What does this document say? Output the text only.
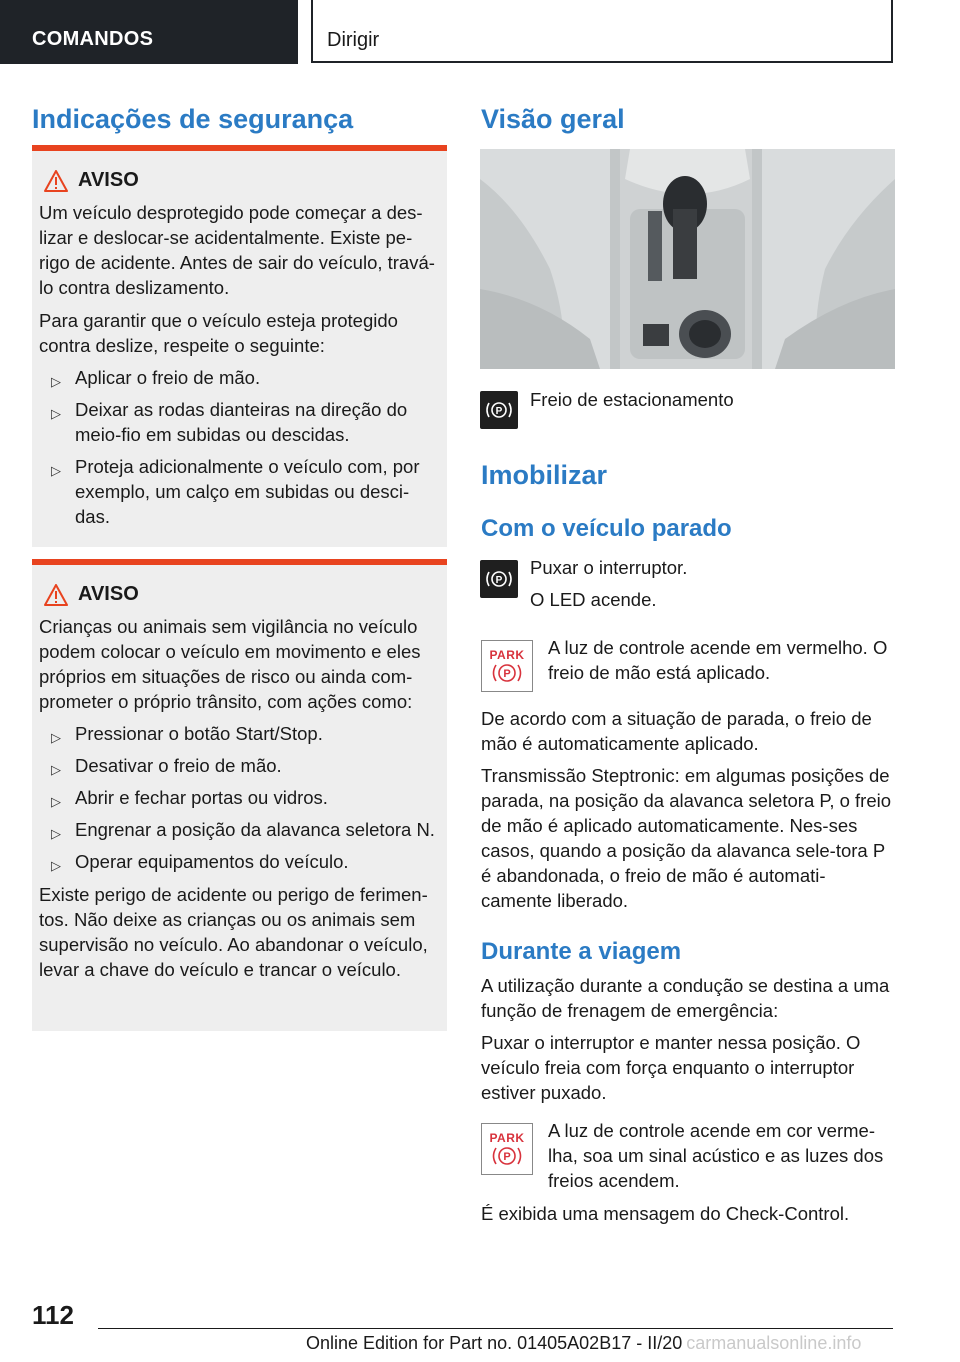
COMANDOS	Dirigir
Indicações de segurança
AVISO

Um veículo desprotegido pode começar a des-lizar e deslocar-se acidentalmente. Existe pe-rigo de acidente. Antes de sair do veículo, travá-lo contra deslizamento.

Para garantir que o veículo esteja protegido contra deslize, respeite o seguinte:

▷ Aplicar o freio de mão.
▷ Deixar as rodas dianteiras na direção do meio-fio em subidas ou descidas.
▷ Proteja adicionalmente o veículo com, por exemplo, um calço em subidas ou desci-das.
AVISO

Crianças ou animais sem vigilância no veículo podem colocar o veículo em movimento e eles próprios em situações de risco ou ainda com-prometer o próprio trânsito, com ações como:

▷ Pressionar o botão Start/Stop.
▷ Desativar o freio de mão.
▷ Abrir e fechar portas ou vidros.
▷ Engrenar a posição da alavanca seletora N.
▷ Operar equipamentos do veículo.

Existe perigo de acidente ou perigo de ferimen-tos. Não deixe as crianças ou os animais sem supervisão no veículo. Ao abandonar o veículo, levar a chave do veículo e trancar o veículo.

Visão geral
P
Freio de estacionamento
Imobilizar
Com o veículo parado
P
Puxar o interruptor.
O LED acende.
PARK
P
A luz de controle acende em vermelho. O freio de mão está aplicado.
De acordo com a situação de parada, o freio de mão é automaticamente aplicado.
Transmissão Steptronic: em algumas posições de parada, na posição da alavanca seletora P, o freio de mão é aplicado automaticamente. Nes-ses casos, quando a posição da alavanca sele-tora P é abandonada, o freio de mão é automati-camente liberado.
Durante a viagem
A utilização durante a condução se destina a uma função de frenagem de emergência:
Puxar o interruptor e manter nessa posição. O veículo freia com força enquanto o interruptor estiver puxado.
PARK
P
A luz de controle acende em cor verme-lha, soa um sinal acústico e as luzes dos freios acendem.
É exibida uma mensagem do Check-Control.
112
Online Edition for Part no. 01405A02B17 - II/20 carmanualsonline.info
